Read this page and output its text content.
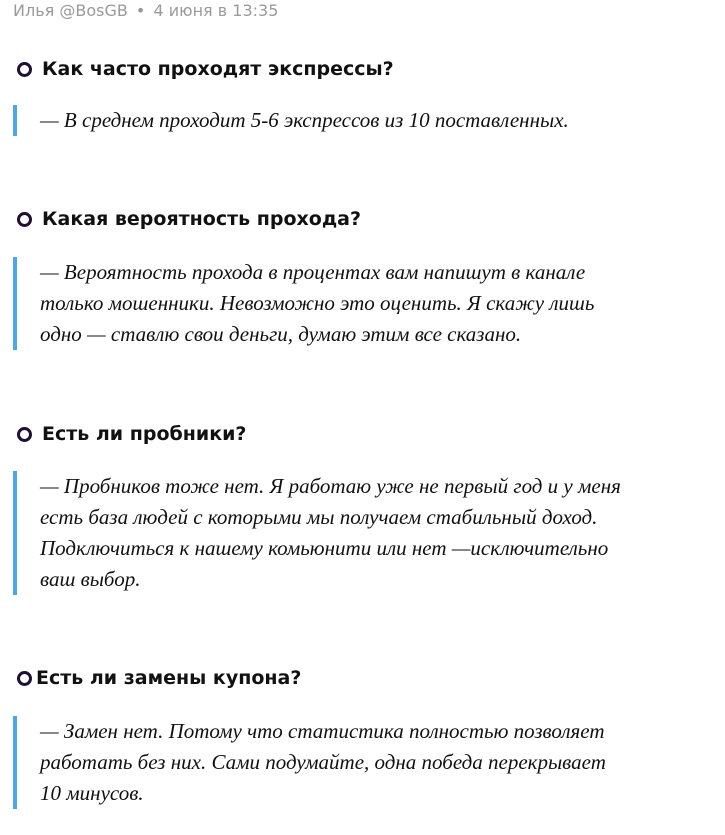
Илья @BosGB • 4 июня в 13:35
Как часто проходят экспрессы?
— В среднем проходит 5-6 экспрессов из 10 поставленных.
Какая вероятность прохода?
— Вероятность прохода в процентах вам напишут в канале
только мошенники. Невозможно это оценить. Я скажу лишь
одно — ставлю свои деньги, думаю этим все сказано.
Есть ли пробники?
— Пробников тоже нет. Я работаю уже не первый год и у меня
есть база людей с которыми мы получаем стабильный доход.
Подключиться к нашему комьюнити или нет —исключительно
ваш выбор.
Есть ли замены купона?
— Замен нет. Потому что статистика полностью позволяет
работать без них. Сами подумайте, одна победа перекрывает
10 минусов.
